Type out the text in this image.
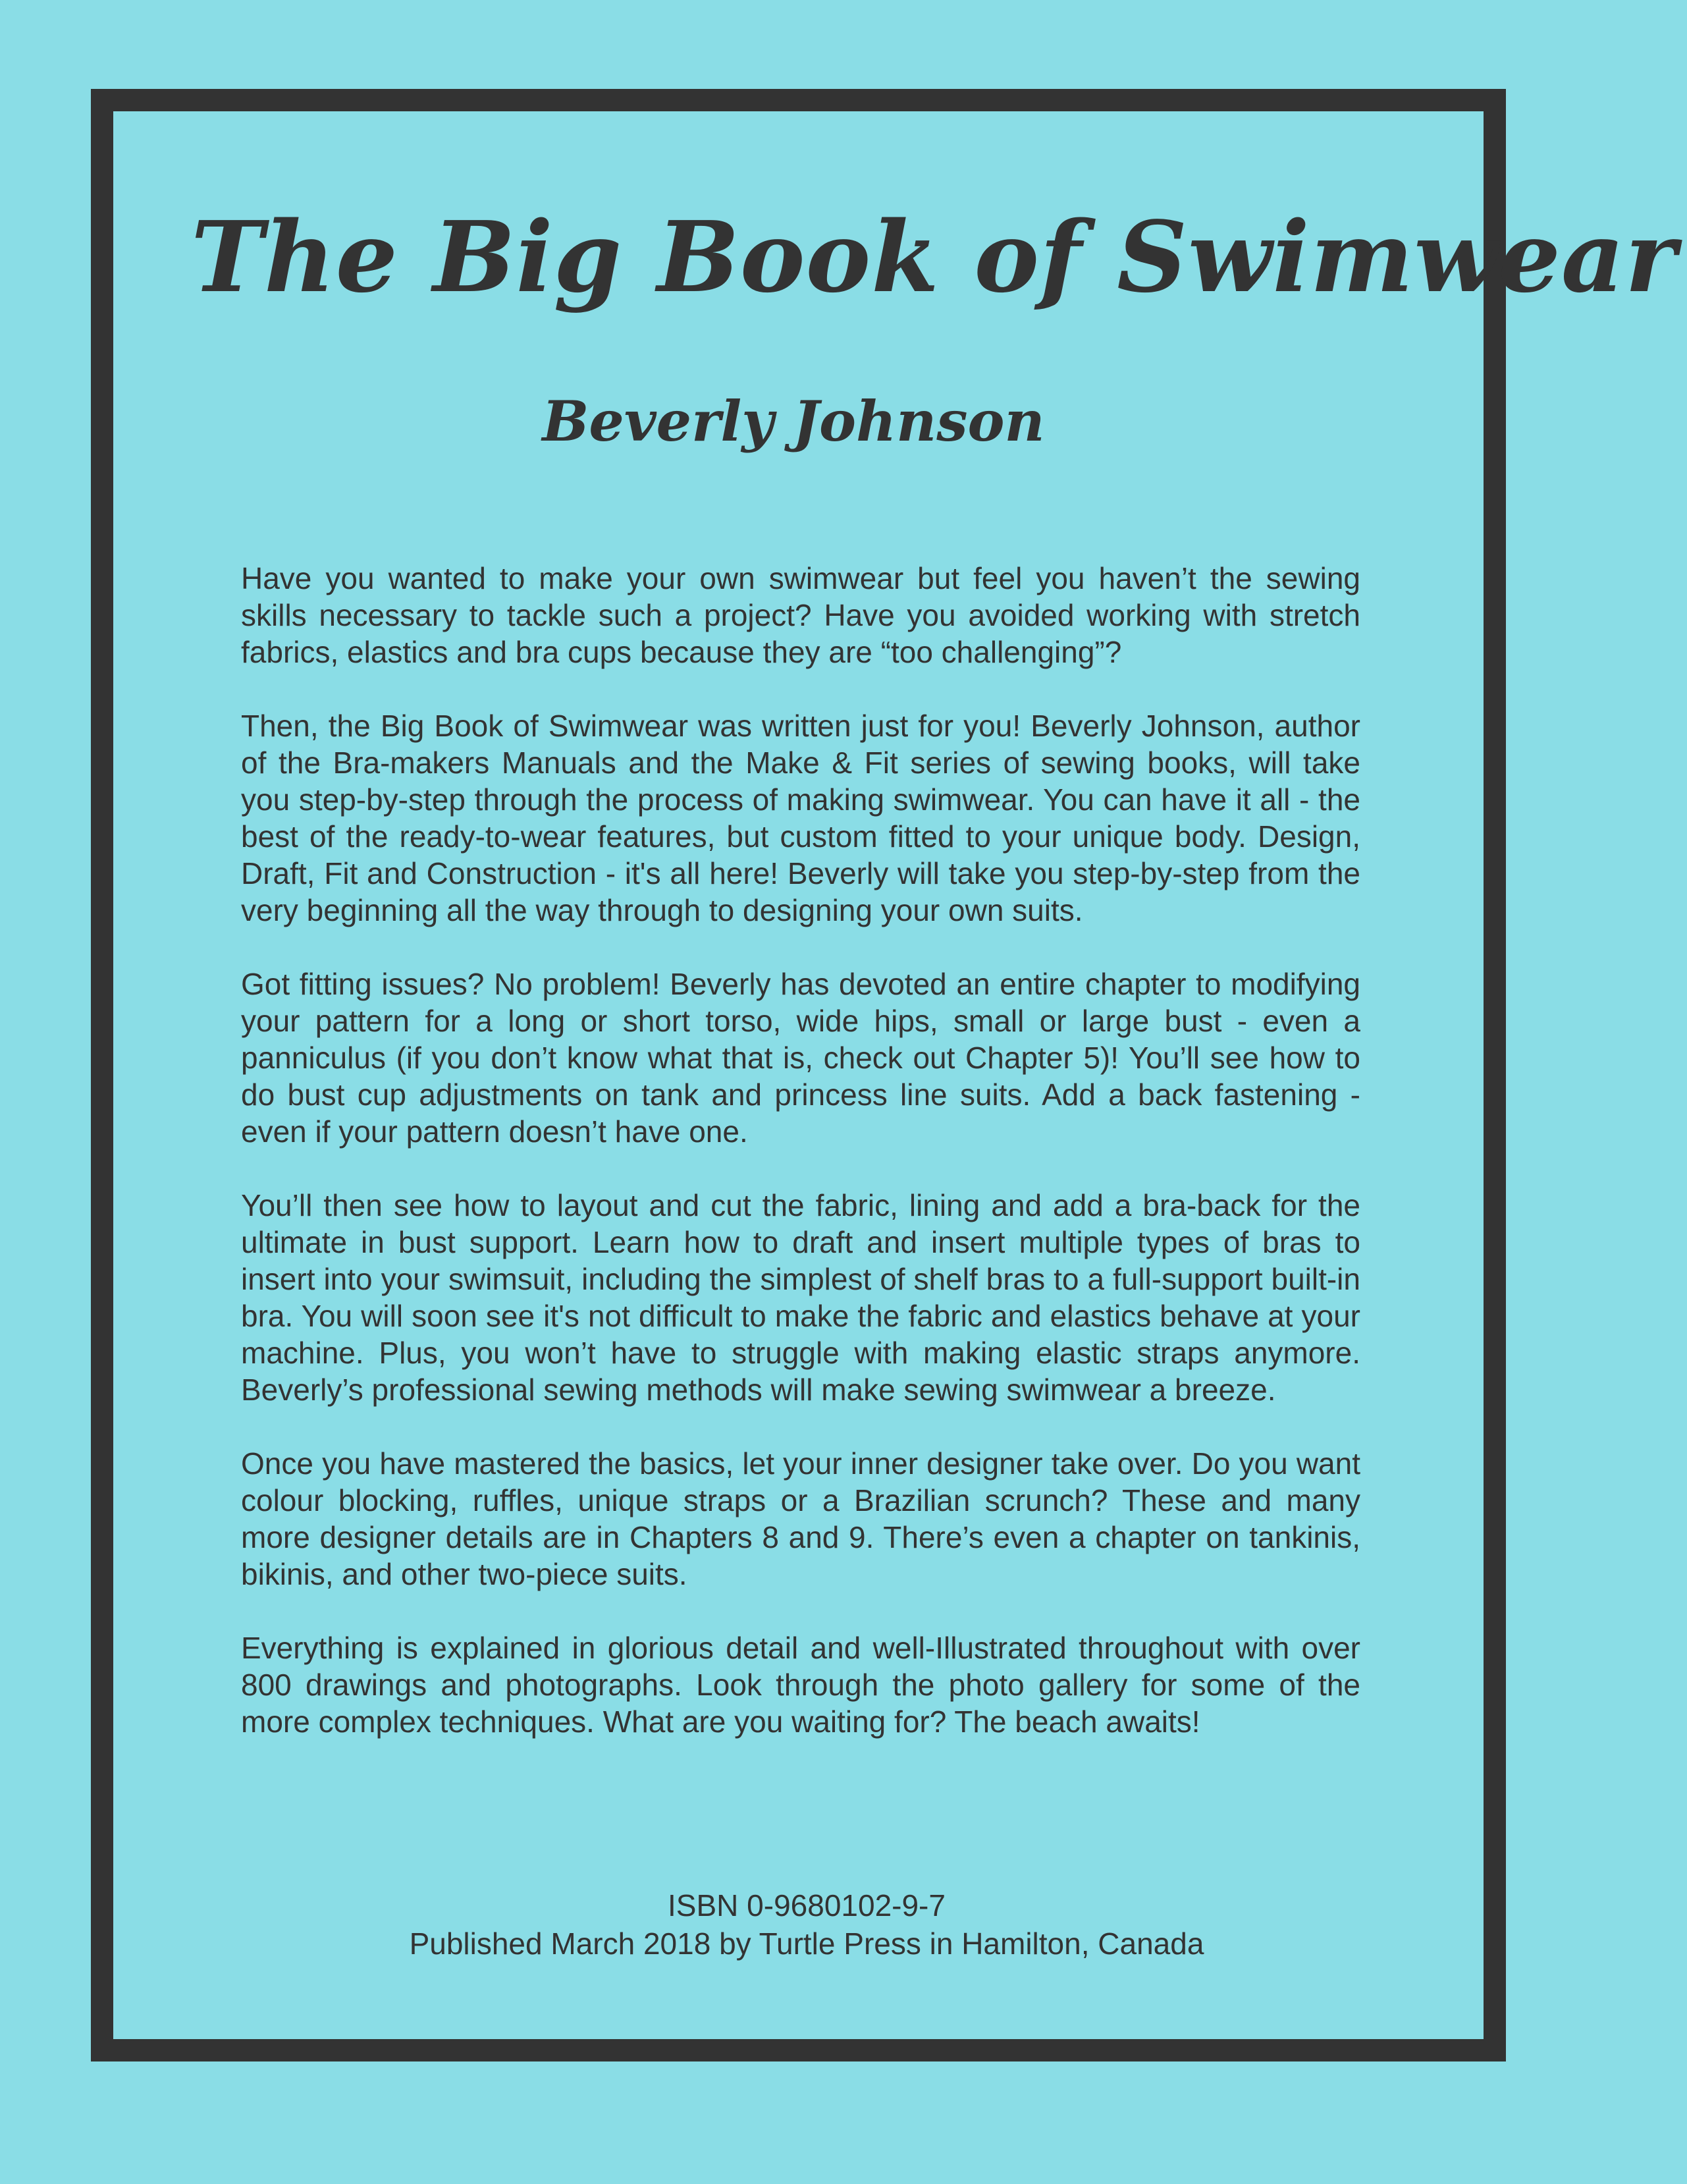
The Big Book of Swimwear
Beverly Johnson

Have you wanted to make your own swimwear but feel you haven’t the sewing skills necessary to tackle such a project? Have you avoided working with stretch fabrics, elastics and bra cups because they are “too challenging”?

Then, the Big Book of Swimwear was written just for you! Beverly Johnson, author of the Bra-makers Manuals and the Make & Fit series of sewing books, will take you step-by-step through the process of making swimwear. You can have it all - the best of the ready-to-wear features, but custom fitted to your unique body. Design, Draft, Fit and Construction - it's all here! Beverly will take you step-by-step from the very beginning all the way through to designing your own suits.

Got fitting issues? No problem! Beverly has devoted an entire chapter to modifying your pattern for a long or short torso, wide hips, small or large bust - even a panniculus (if you don’t know what that is, check out Chapter 5)! You’ll see how to do bust cup adjustments on tank and princess line suits. Add a back fastening - even if your pattern doesn’t have one.

You’ll then see how to layout and cut the fabric, lining and add a bra-back for the ultimate in bust support. Learn how to draft and insert multiple types of bras to insert into your swimsuit, including the simplest of shelf bras to a full-support built-in bra. You will soon see it's not difficult to make the fabric and elastics behave at your machine. Plus, you won’t have to struggle with making elastic straps anymore. Beverly’s professional sewing methods will make sewing swimwear a breeze.

Once you have mastered the basics, let your inner designer take over. Do you want colour blocking, ruffles, unique straps or a Brazilian scrunch? These and many more designer details are in Chapters 8 and 9. There’s even a chapter on tankinis, bikinis, and other two-piece suits.

Everything is explained in glorious detail and well-Illustrated throughout with over 800 drawings and photographs. Look through the photo gallery for some of the more complex techniques. What are you waiting for? The beach awaits!

ISBN 0-9680102-9-7
Published March 2018 by Turtle Press in Hamilton, Canada
